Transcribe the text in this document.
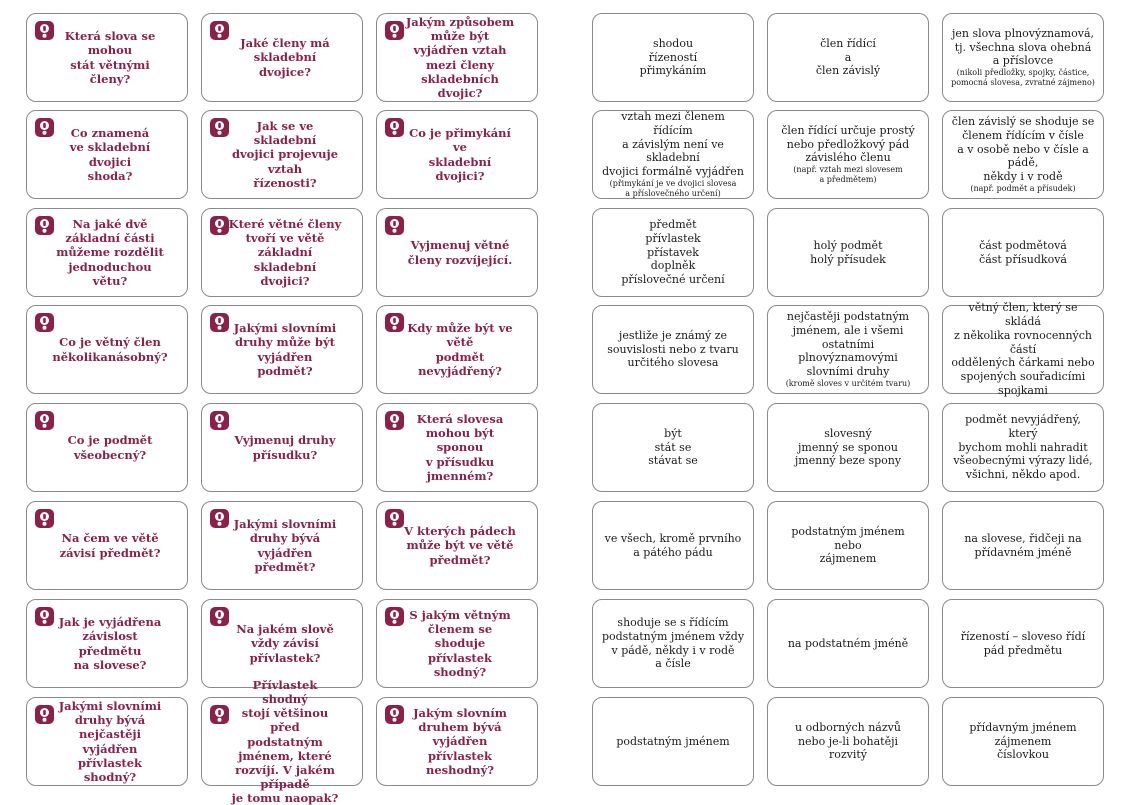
Která slova se mohou
stát větnými členy?
Jaké členy má
skladební dvojice?
Jakým způsobem
může být vyjádřen vztah
mezi členy skladebních
dvojic?
shodou
řízeností
přimykáním
člen řídící
a
člen závislý
jen slova plnovýznamová,
tj. všechna slova ohebná
a příslovce
(nikoli předložky, spojky, částice,
pomocná slovesa, zvratné zájmeno)
Co znamená
ve skladební dvojici
shoda?
Jak se ve skladební
dvojici projevuje vztah
řízenosti?
Co je přimykání ve
skladební dvojici?
vztah mezi členem řídícím
a závislým není ve skladební
dvojici formálně vyjádřen
(přimykání je ve dvojici slovesa
a příslovečného určení)
člen řídící určuje prostý
nebo předložkový pád
závislého členu
(např. vztah mezi slovesem
a předmětem)
člen závislý se shoduje se
členem řídícím v čísle
a v osobě nebo v čísle a pádě,
někdy i v rodě
(např. podmět a přísudek)
Na jaké dvě
základní části
můžeme rozdělit
jednoduchou větu?
Které větné členy
tvoří ve větě základní
skladební dvojici?
Vyjmenuj větné
členy rozvíjející.
předmět
přívlastek
přístavek
doplněk
příslovečné určení
holý podmět
holý přísudek
část podmětová
část přísudková
Co je větný člen
několikanásobný?
Jakými slovními
druhy může být
vyjádřen podmět?
Kdy může být ve větě
podmět nevyjádřený?
jestliže je známý ze
souvislosti nebo z tvaru
určitého slovesa
nejčastěji podstatným
jménem, ale i všemi
ostatními plnovýznamovými
slovními druhy
(kromě sloves v určitém tvaru)
větný člen, který se skládá
z několika rovnocenných částí
oddělených čárkami nebo
spojených souřadicími
spojkami
Co je podmět
všeobecný?
Vyjmenuj druhy
přísudku?
Která slovesa
mohou být sponou
v přísudku jmenném?
být
stát se
stávat se
slovesný
jmenný se sponou
jmenný beze spony
podmět nevyjádřený, který
bychom mohli nahradit
všeobecnými výrazy lidé,
všichni, někdo apod.
Na čem ve větě
závisí předmět?
Jakými slovními
druhy bývá vyjádřen
předmět?
V kterých pádech
může být ve větě
předmět?
ve všech, kromě prvního
a pátého pádu
podstatným jménem nebo
zájmenem
na slovese, řidčeji na
přídavném jméně
Jak je vyjádřena
závislost předmětu
na slovese?
Na jakém slově
vždy závisí přívlastek?
S jakým větným
členem se shoduje
přívlastek shodný?
shoduje se s řídícím
podstatným jménem vždy
v pádě, někdy i v rodě
a čísle
na podstatném jméně
řízeností – sloveso řídí
pád předmětu
Jakými slovními
druhy bývá nejčastěji
vyjádřen přívlastek
shodný?
Přívlastek shodný
stojí většinou před
podstatným jménem, které
rozvíjí. V jakém případě
je tomu naopak?
Jakým slovním
druhem bývá vyjádřen
přívlastek neshodný?
podstatným jménem
u odborných názvů
nebo je-li bohatěji
rozvitý
přídavným jménem
zájmenem
číslovkou
